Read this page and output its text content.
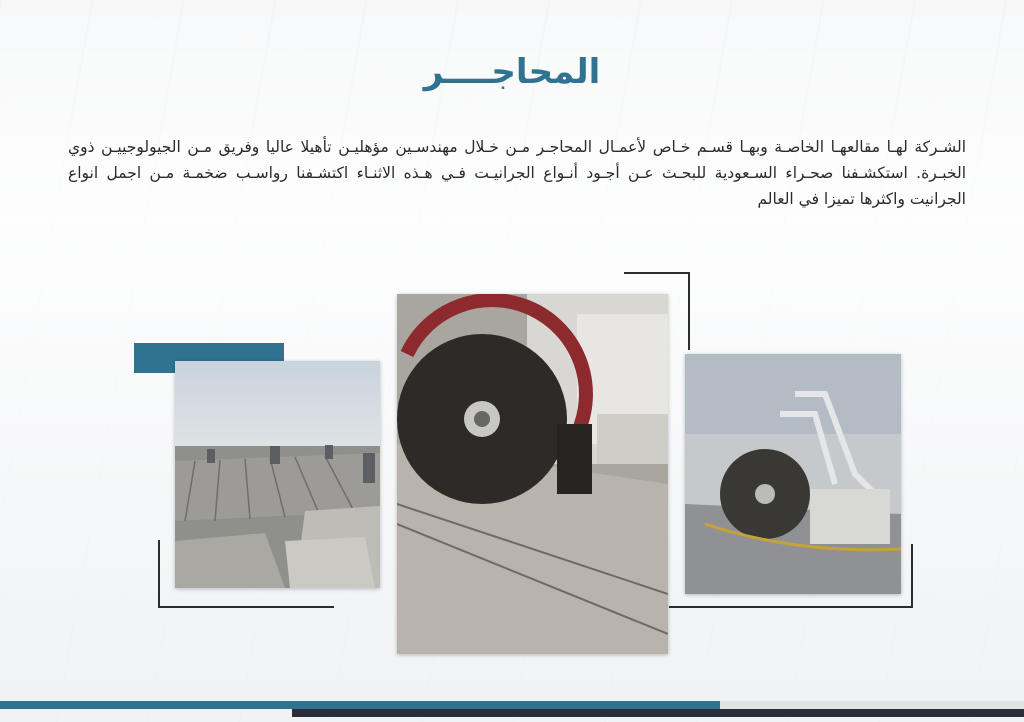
المحاجــــر
الشـركة لهـا مقالعهـا الخاصـة وبهـا قسـم خـاص لأعمـال المحاجـر مـن خـلال مهندسـين مؤهليـن تأهيلا عاليا وفريق مـن الجيولوجييـن ذوي الخبـرة. استكشـفنا صحـراء السـعودية للبحـث عـن أجـود أنـواع الجرانيـت فـي هـذه الاثنـاء اكتشـفنا رواسـب ضخمـة مـن اجمل انواع الجرانيت واكثرها تميزا في العالم
